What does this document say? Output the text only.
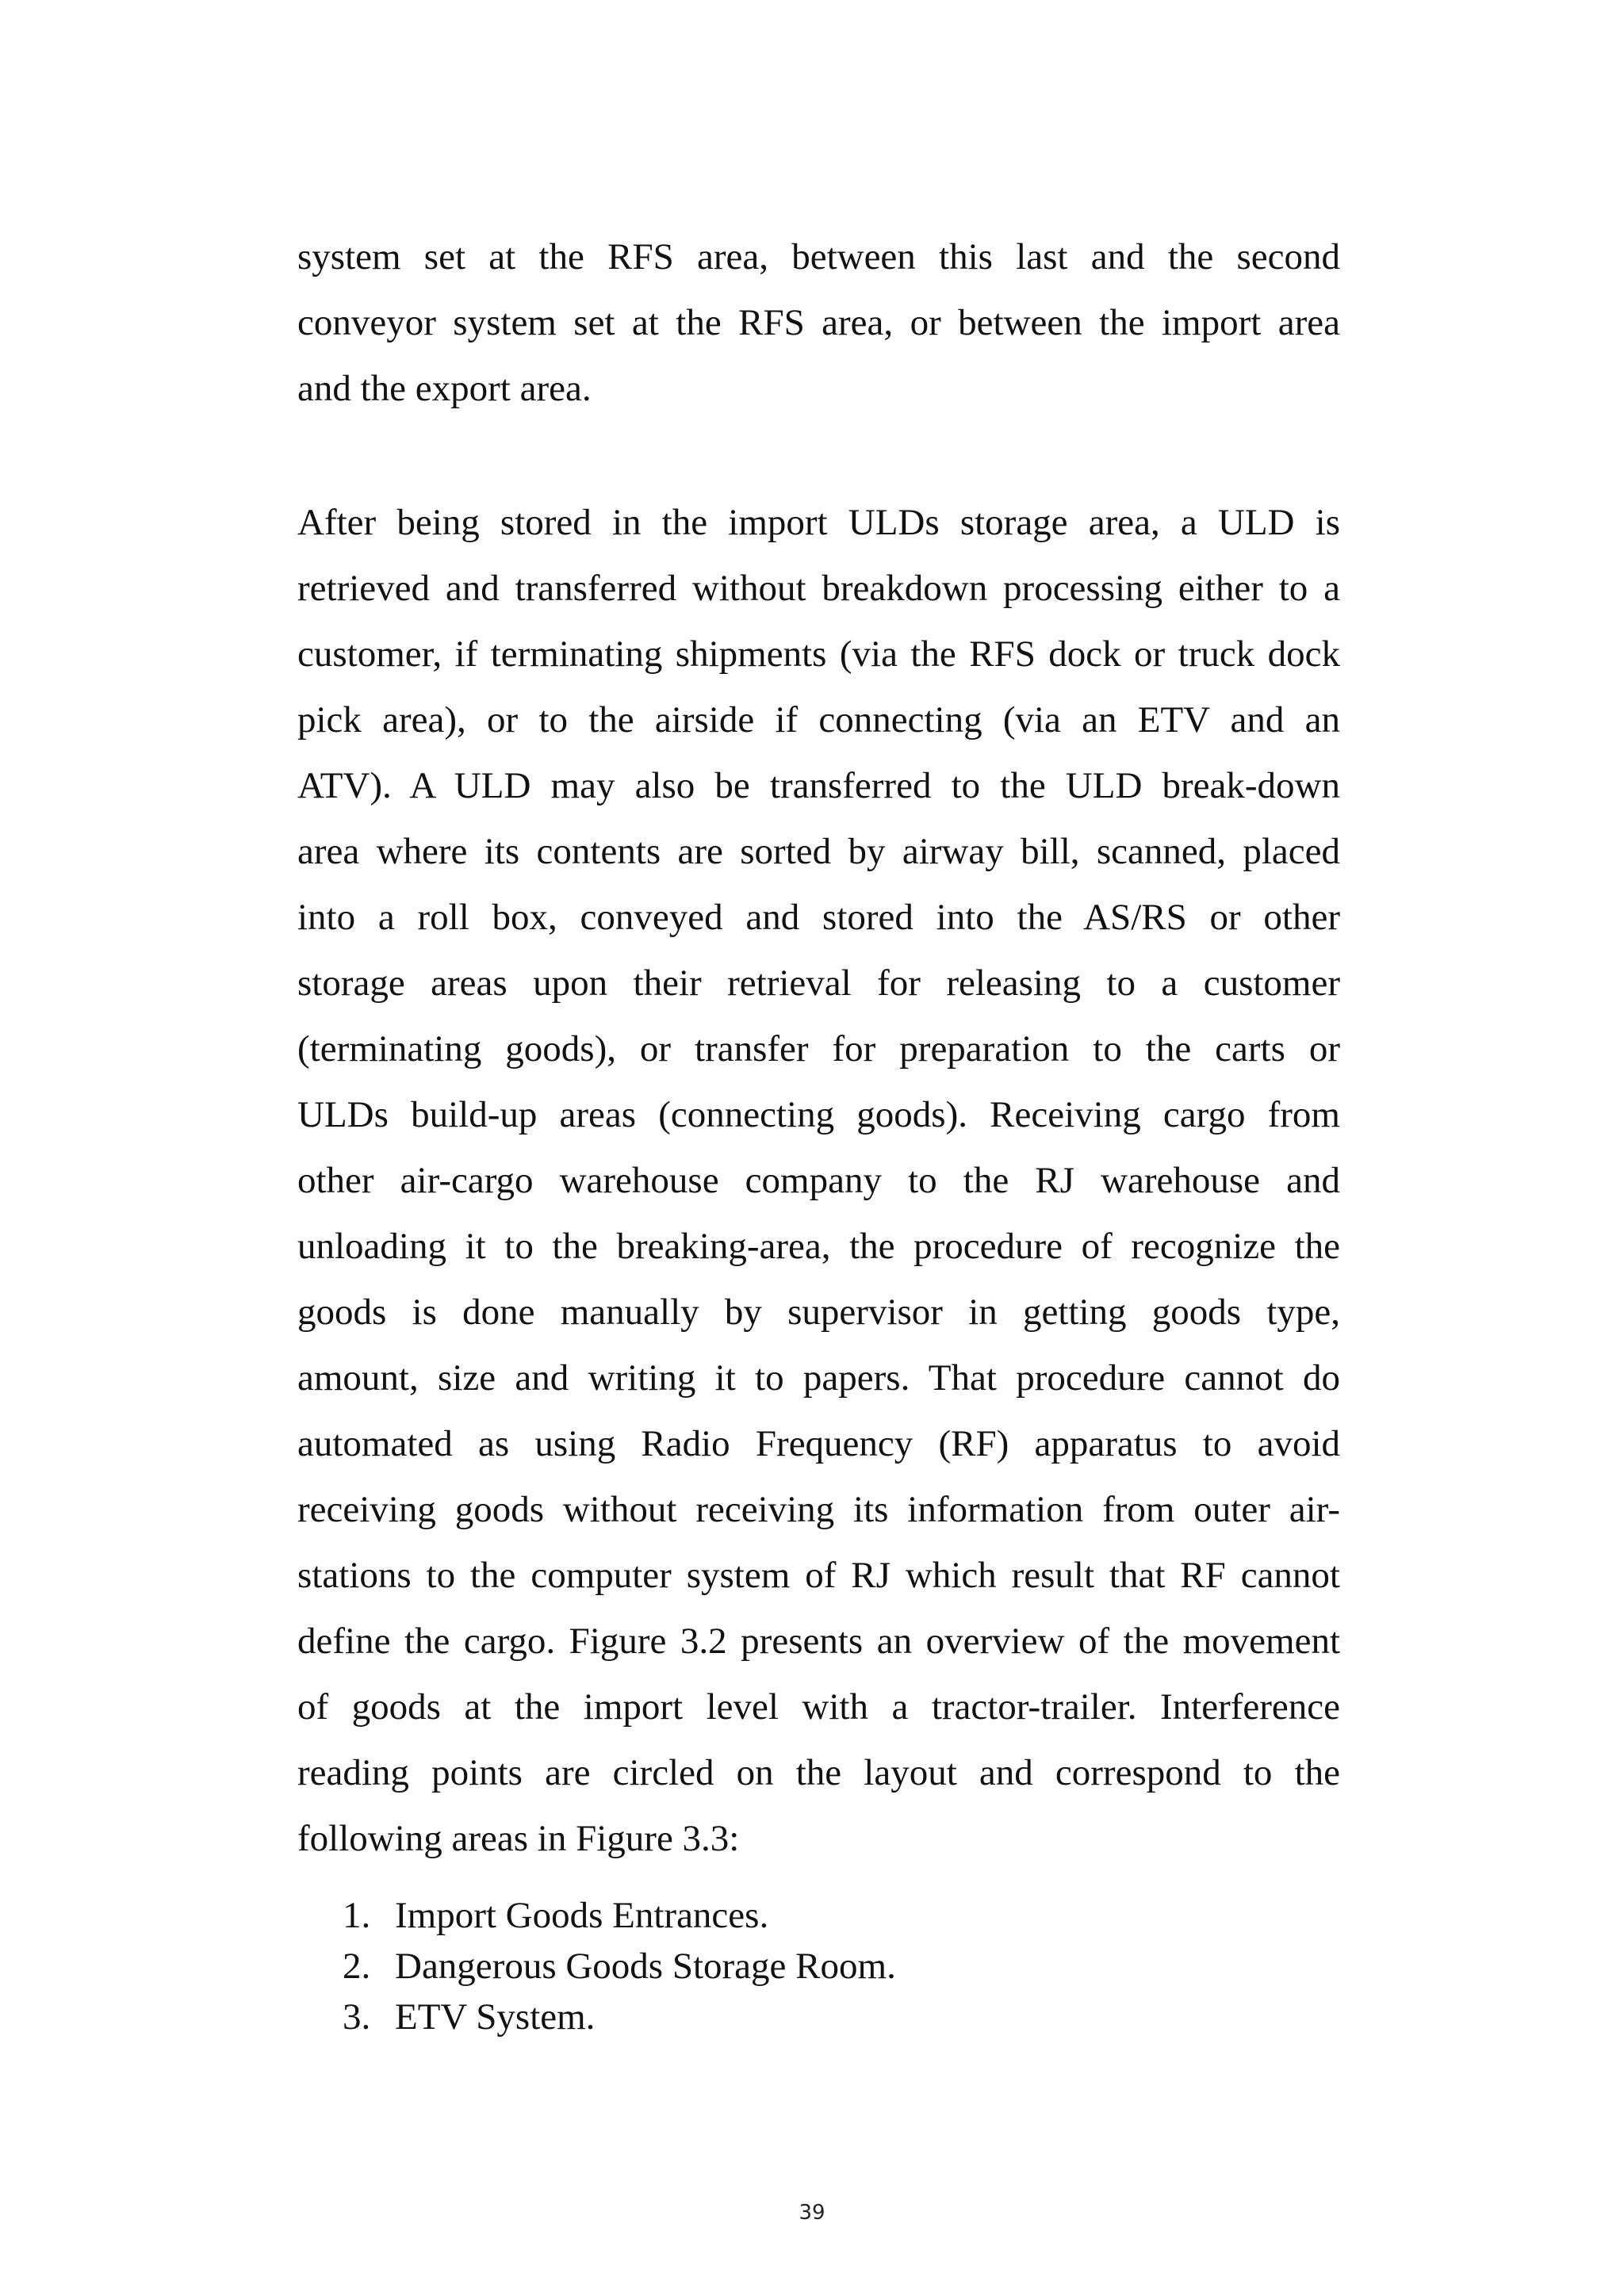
system set at the RFS area, between this last and the second
conveyor system set at the RFS area, or between the import area
and the export area.
After being stored in the import ULDs storage area, a ULD is
retrieved and transferred without breakdown processing either to a
customer, if terminating shipments (via the RFS dock or truck dock
pick area), or to the airside if connecting (via an ETV and an
ATV). A ULD may also be transferred to the ULD break-down
area where its contents are sorted by airway bill, scanned, placed
into a roll box, conveyed and stored into the AS/RS or other
storage areas upon their retrieval for releasing to a customer
(terminating goods), or transfer for preparation to the carts or
ULDs build-up areas (connecting goods). Receiving cargo from
other air-cargo warehouse company to the RJ warehouse and
unloading it to the breaking-area, the procedure of recognize the
goods is done manually by supervisor in getting goods type,
amount, size and writing it to papers. That procedure cannot do
automated as using Radio Frequency (RF) apparatus to avoid
receiving goods without receiving its information from outer air-
stations to the computer system of RJ which result that RF cannot
define the cargo. Figure 3.2 presents an overview of the movement
of goods at the import level with a tractor-trailer. Interference
reading points are circled on the layout and correspond to the
following areas in Figure 3.3:
1. Import Goods Entrances.
2. Dangerous Goods Storage Room.
3. ETV System.
39
